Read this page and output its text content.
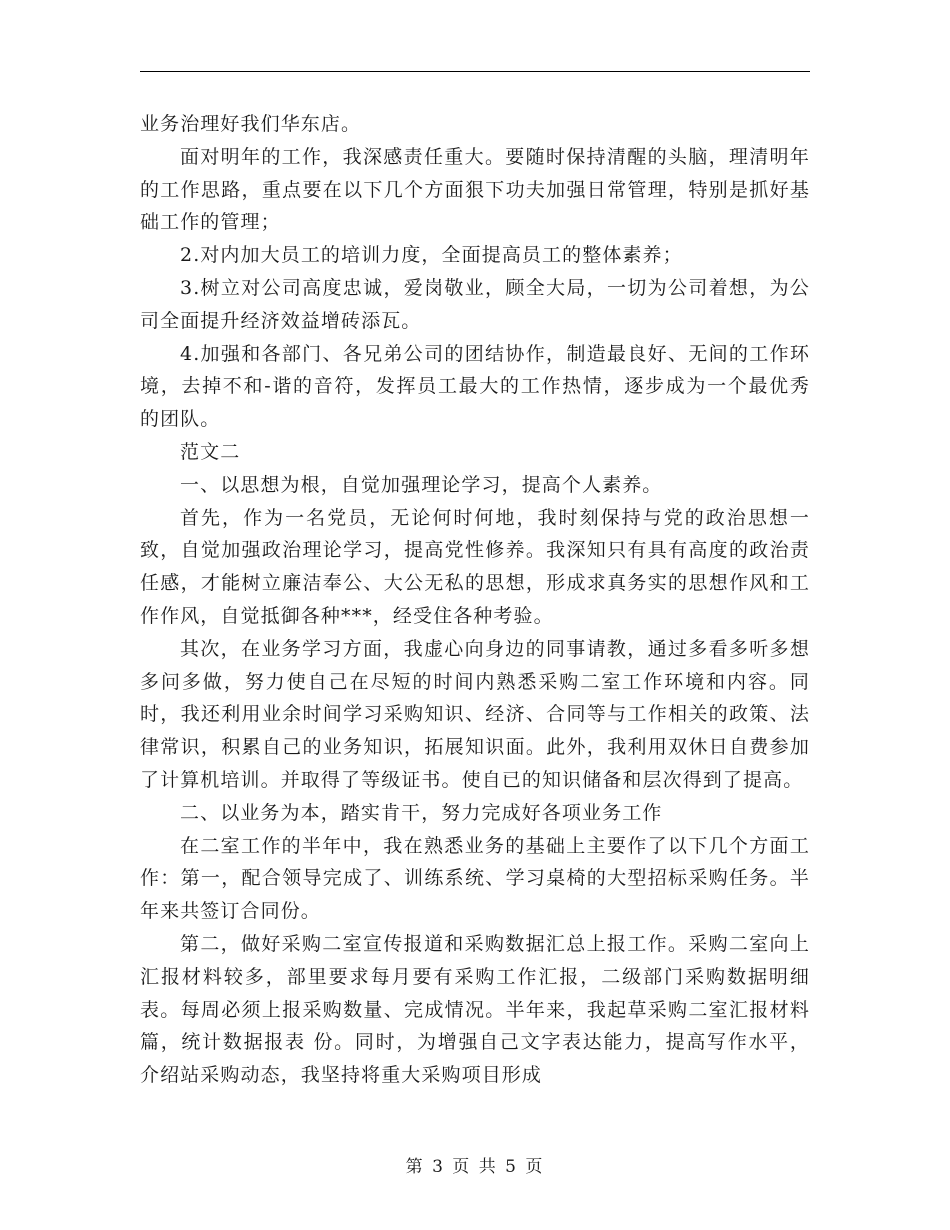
业务治理好我们华东店。

面对明年的工作，我深感责任重大。要随时保持清醒的头脑，理清明年的工作思路，重点要在以下几个方面狠下功夫加强日常管理，特别是抓好基础工作的管理；

2.对内加大员工的培训力度，全面提高员工的整体素养；

3.树立对公司高度忠诚，爱岗敬业，顾全大局，一切为公司着想，为公司全面提升经济效益增砖添瓦。

4.加强和各部门、各兄弟公司的团结协作，制造最良好、无间的工作环境，去掉不和-谐的音符，发挥员工最大的工作热情，逐步成为一个最优秀的团队。

范文二

一、以思想为根，自觉加强理论学习，提高个人素养。

首先，作为一名党员，无论何时何地，我时刻保持与党的政治思想一致，自觉加强政治理论学习，提高党性修养。我深知只有具有高度的政治责任感，才能树立廉洁奉公、大公无私的思想，形成求真务实的思想作风和工作作风，自觉抵御各种***，经受住各种考验。

其次，在业务学习方面，我虚心向身边的同事请教，通过多看多听多想多问多做，努力使自己在尽短的时间内熟悉采购二室工作环境和内容。同时，我还利用业余时间学习采购知识、经济、合同等与工作相关的政策、法律常识，积累自己的业务知识，拓展知识面。此外，我利用双休日自费参加了计算机培训。并取得了等级证书。使自已的知识储备和层次得到了提高。

二、以业务为本，踏实肯干，努力完成好各项业务工作

在二室工作的半年中，我在熟悉业务的基础上主要作了以下几个方面工作：第一，配合领导完成了、训练系统、学习桌椅的大型招标采购任务。半年来共签订合同份。

第二，做好采购二室宣传报道和采购数据汇总上报工作。采购二室向上汇报材料较多，部里要求每月要有采购工作汇报，二级部门采购数据明细表。每周必须上报采购数量、完成情况。半年来，我起草采购二室汇报材料篇，统计数据报表 份。同时，为增强自己文字表达能力，提高写作水平，介绍站采购动态，我坚持将重大采购项目形成

第 3 页 共 5 页
